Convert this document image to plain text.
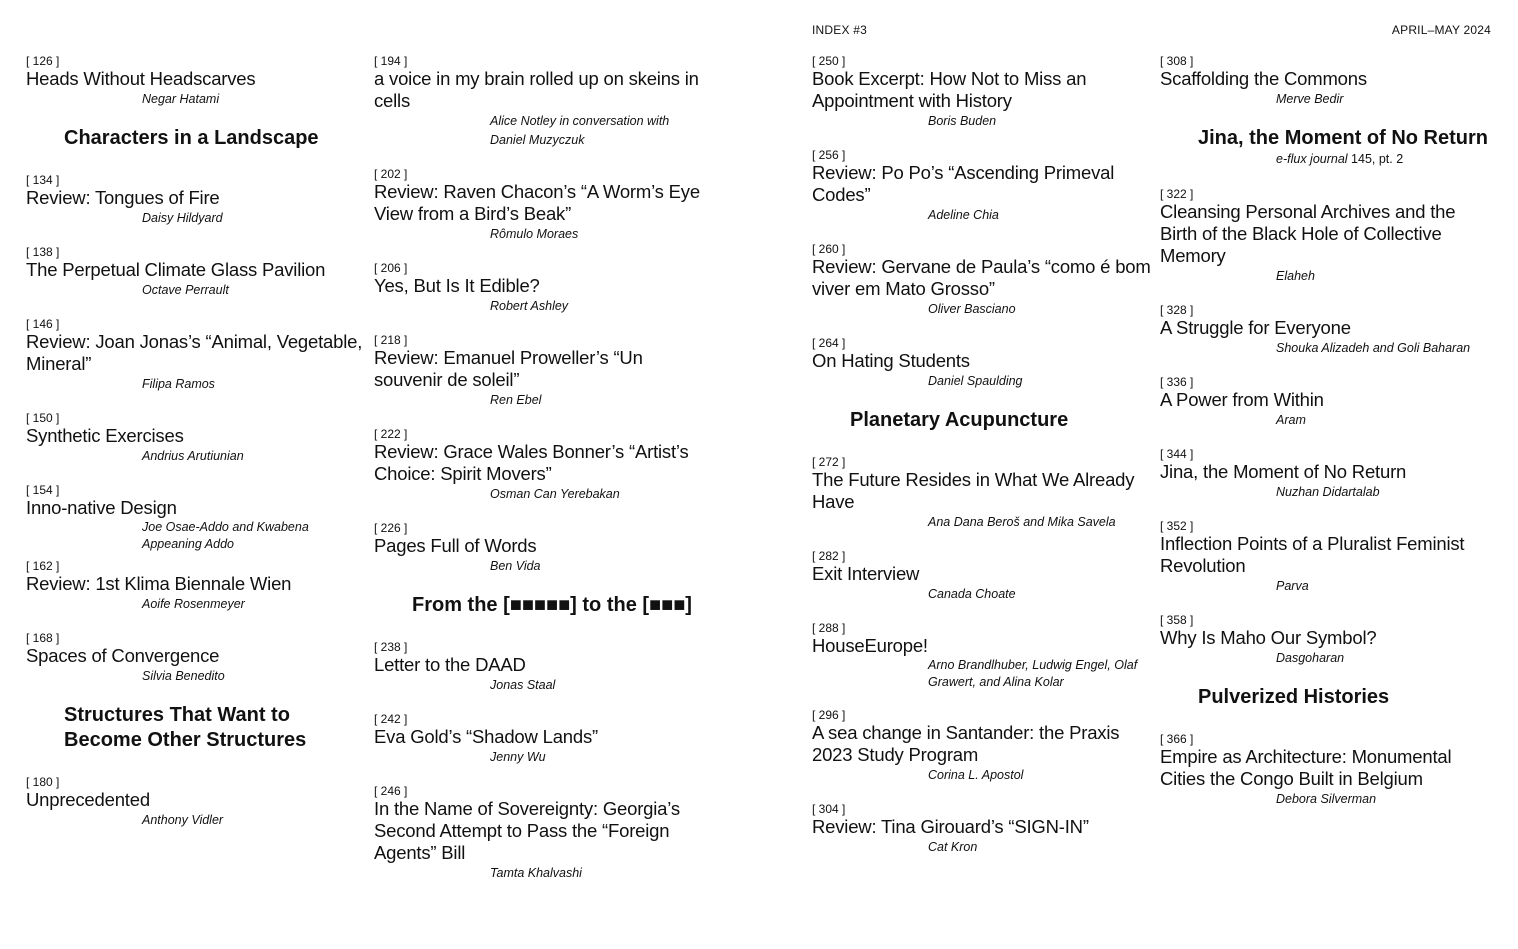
INDEX #3	APRIL–MAY 2024
[ 126 ]
Heads Without Headscarves
Negar Hatami
Characters in a Landscape
[ 134 ]
Review: Tongues of Fire
Daisy Hildyard
[ 138 ]
The Perpetual Climate Glass Pavilion
Octave Perrault
[ 146 ]
Review: Joan Jonas’s “Animal, Vegetable, Mineral”
Filipa Ramos
[ 150 ]
Synthetic Exercises
Andrius Arutiunian
[ 154 ]
Inno-native Design
Joe Osae-Addo and Kwabena Appeaning Addo
[ 162 ]
Review: 1st Klima Biennale Wien
Aoife Rosenmeyer
[ 168 ]
Spaces of Convergence
Silvia Benedito
Structures That Want to Become Other Structures
[ 180 ]
Unprecedented
Anthony Vidler
[ 194 ]
a voice in my brain rolled up on skeins in cells
Alice Notley in conversation with Daniel Muzyczuk
[ 202 ]
Review: Raven Chacon’s “A Worm’s Eye View from a Bird’s Beak”
Rômulo Moraes
[ 206 ]
Yes, But Is It Edible?
Robert Ashley
[ 218 ]
Review: Emanuel Proweller’s “Un souvenir de soleil”
Ren Ebel
[ 222 ]
Review: Grace Wales Bonner’s “Artist’s Choice: Spirit Movers”
Osman Can Yerebakan
[ 226 ]
Pages Full of Words
Ben Vida
From the [■■■■■] to the [■■■]
[ 238 ]
Letter to the DAAD
Jonas Staal
[ 242 ]
Eva Gold’s “Shadow Lands”
Jenny Wu
[ 246 ]
In the Name of Sovereignty: Georgia’s Second Attempt to Pass the “Foreign Agents” Bill
Tamta Khalvashi
[ 250 ]
Book Excerpt: How Not to Miss an Appointment with History
Boris Buden
[ 256 ]
Review: Po Po’s “Ascending Primeval Codes”
Adeline Chia
[ 260 ]
Review: Gervane de Paula’s “como é bom viver em Mato Grosso”
Oliver Basciano
[ 264 ]
On Hating Students
Daniel Spaulding
Planetary Acupuncture
[ 272 ]
The Future Resides in What We Already Have
Ana Dana Beroš and Mika Savela
[ 282 ]
Exit Interview
Canada Choate
[ 288 ]
HouseEurope!
Arno Brandlhuber, Ludwig Engel, Olaf Grawert, and Alina Kolar
[ 296 ]
A sea change in Santander: the Praxis 2023 Study Program
Corina L. Apostol
[ 304 ]
Review: Tina Girouard’s “SIGN-IN”
Cat Kron
[ 308 ]
Scaffolding the Commons
Merve Bedir
Jina, the Moment of No Return
e-flux journal 145, pt. 2
[ 322 ]
Cleansing Personal Archives and the Birth of the Black Hole of Collective Memory
Elaheh
[ 328 ]
A Struggle for Everyone
Shouka Alizadeh and Goli Baharan
[ 336 ]
A Power from Within
Aram
[ 344 ]
Jina, the Moment of No Return
Nuzhan Didartalab
[ 352 ]
Inflection Points of a Pluralist Feminist Revolution
Parva
[ 358 ]
Why Is Maho Our Symbol?
Dasgoharan
Pulverized Histories
[ 366 ]
Empire as Architecture: Monumental Cities the Congo Built in Belgium
Debora Silverman
